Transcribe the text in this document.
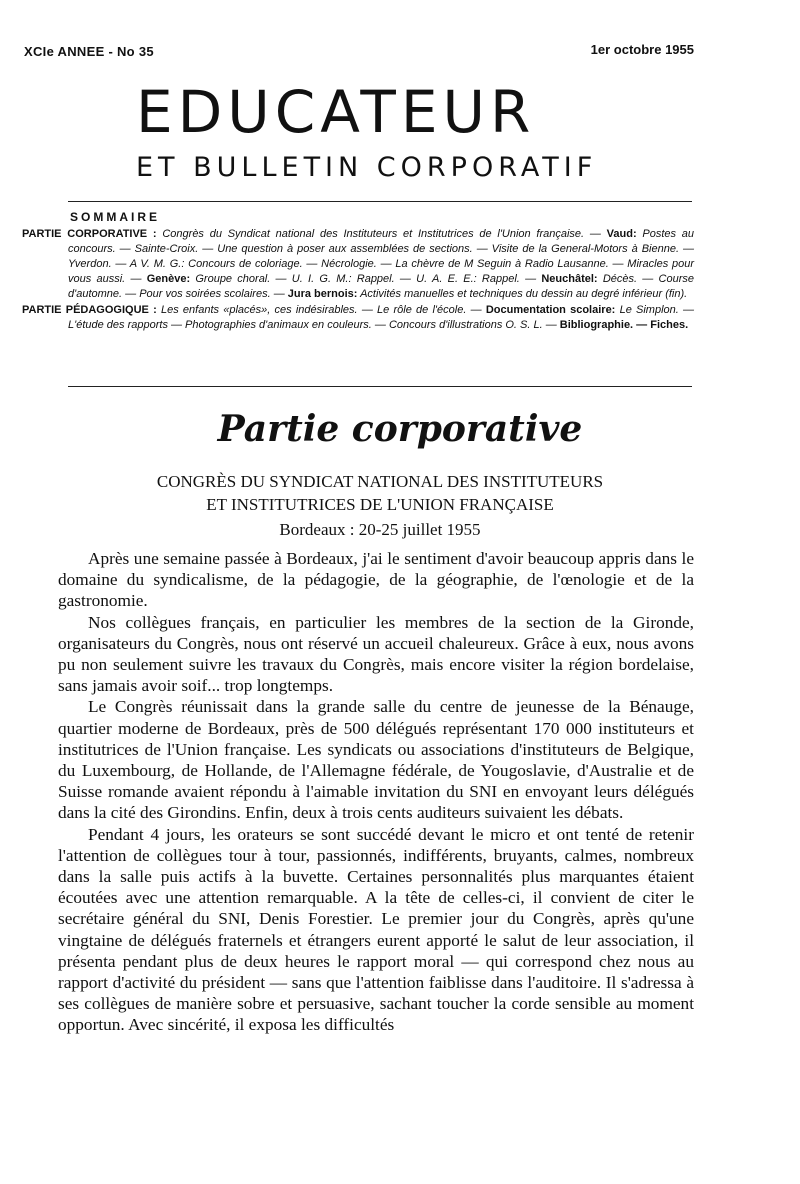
XCIe ANNEE - No 35	1er octobre 1955
EDUCATEUR
ET BULLETIN CORPORATIF
SOMMAIRE
PARTIE CORPORATIVE : Congrès du Syndicat national des Instituteurs et Institutrices de l'Union française. — Vaud: Postes au concours. — Sainte-Croix. — Une question à poser aux assemblées de sections. — Visite de la General-Motors à Bienne. — Yverdon. — A V. M. G.: Concours de coloriage. — Nécrologie. — La chèvre de M Seguin à Radio Lausanne. — Miracles pour vous aussi. — Genève: Groupe choral. — U. I. G. M.: Rappel. — U. A. E. E.: Rappel. — Neuchâtel: Décès. — Course d'automne. — Pour vos soirées scolaires. — Jura bernois: Activités manuelles et techniques du dessin au degré inférieur (fin).
PARTIE PÉDAGOGIQUE : Les enfants «placés», ces indésirables. — Le rôle de l'école. — Documentation scolaire: Le Simplon. — L'étude des rapports — Photographies d'animaux en couleurs. — Concours d'illustrations O. S. L. — Bibliographie. — Fiches.
Partie corporative
CONGRÈS DU SYNDICAT NATIONAL DES INSTITUTEURS
ET INSTITUTRICES DE L'UNION FRANÇAISE
Bordeaux : 20-25 juillet 1955

Après une semaine passée à Bordeaux, j'ai le sentiment d'avoir beaucoup appris dans le domaine du syndicalisme, de la pédagogie, de la géographie, de l'œnologie et de la gastronomie.

Nos collègues français, en particulier les membres de la section de la Gironde, organisateurs du Congrès, nous ont réservé un accueil chaleureux. Grâce à eux, nous avons pu non seulement suivre les travaux du Congrès, mais encore visiter la région bordelaise, sans jamais avoir soif... trop longtemps.

Le Congrès réunissait dans la grande salle du centre de jeunesse de la Bénauge, quartier moderne de Bordeaux, près de 500 délégués représentant 170 000 instituteurs et institutrices de l'Union française. Les syndicats ou associations d'instituteurs de Belgique, du Luxembourg, de Hollande, de l'Allemagne fédérale, de Yougoslavie, d'Australie et de Suisse romande avaient répondu à l'aimable invitation du SNI en envoyant leurs délégués dans la cité des Girondins. Enfin, deux à trois cents auditeurs suivaient les débats.

Pendant 4 jours, les orateurs se sont succédé devant le micro et ont tenté de retenir l'attention de collègues tour à tour, passionnés, indifférents, bruyants, calmes, nombreux dans la salle puis actifs à la buvette. Certaines personnalités plus marquantes étaient écoutées avec une attention remarquable. A la tête de celles-ci, il convient de citer le secrétaire général du SNI, Denis Forestier. Le premier jour du Congrès, après qu'une vingtaine de délégués fraternels et étrangers eurent apporté le salut de leur association, il présenta pendant plus de deux heures le rapport moral — qui correspond chez nous au rapport d'activité du président — sans que l'attention faiblisse dans l'auditoire. Il s'adressa à ses collègues de manière sobre et persuasive, sachant toucher la corde sensible au moment opportun. Avec sincérité, il exposa les difficultés
